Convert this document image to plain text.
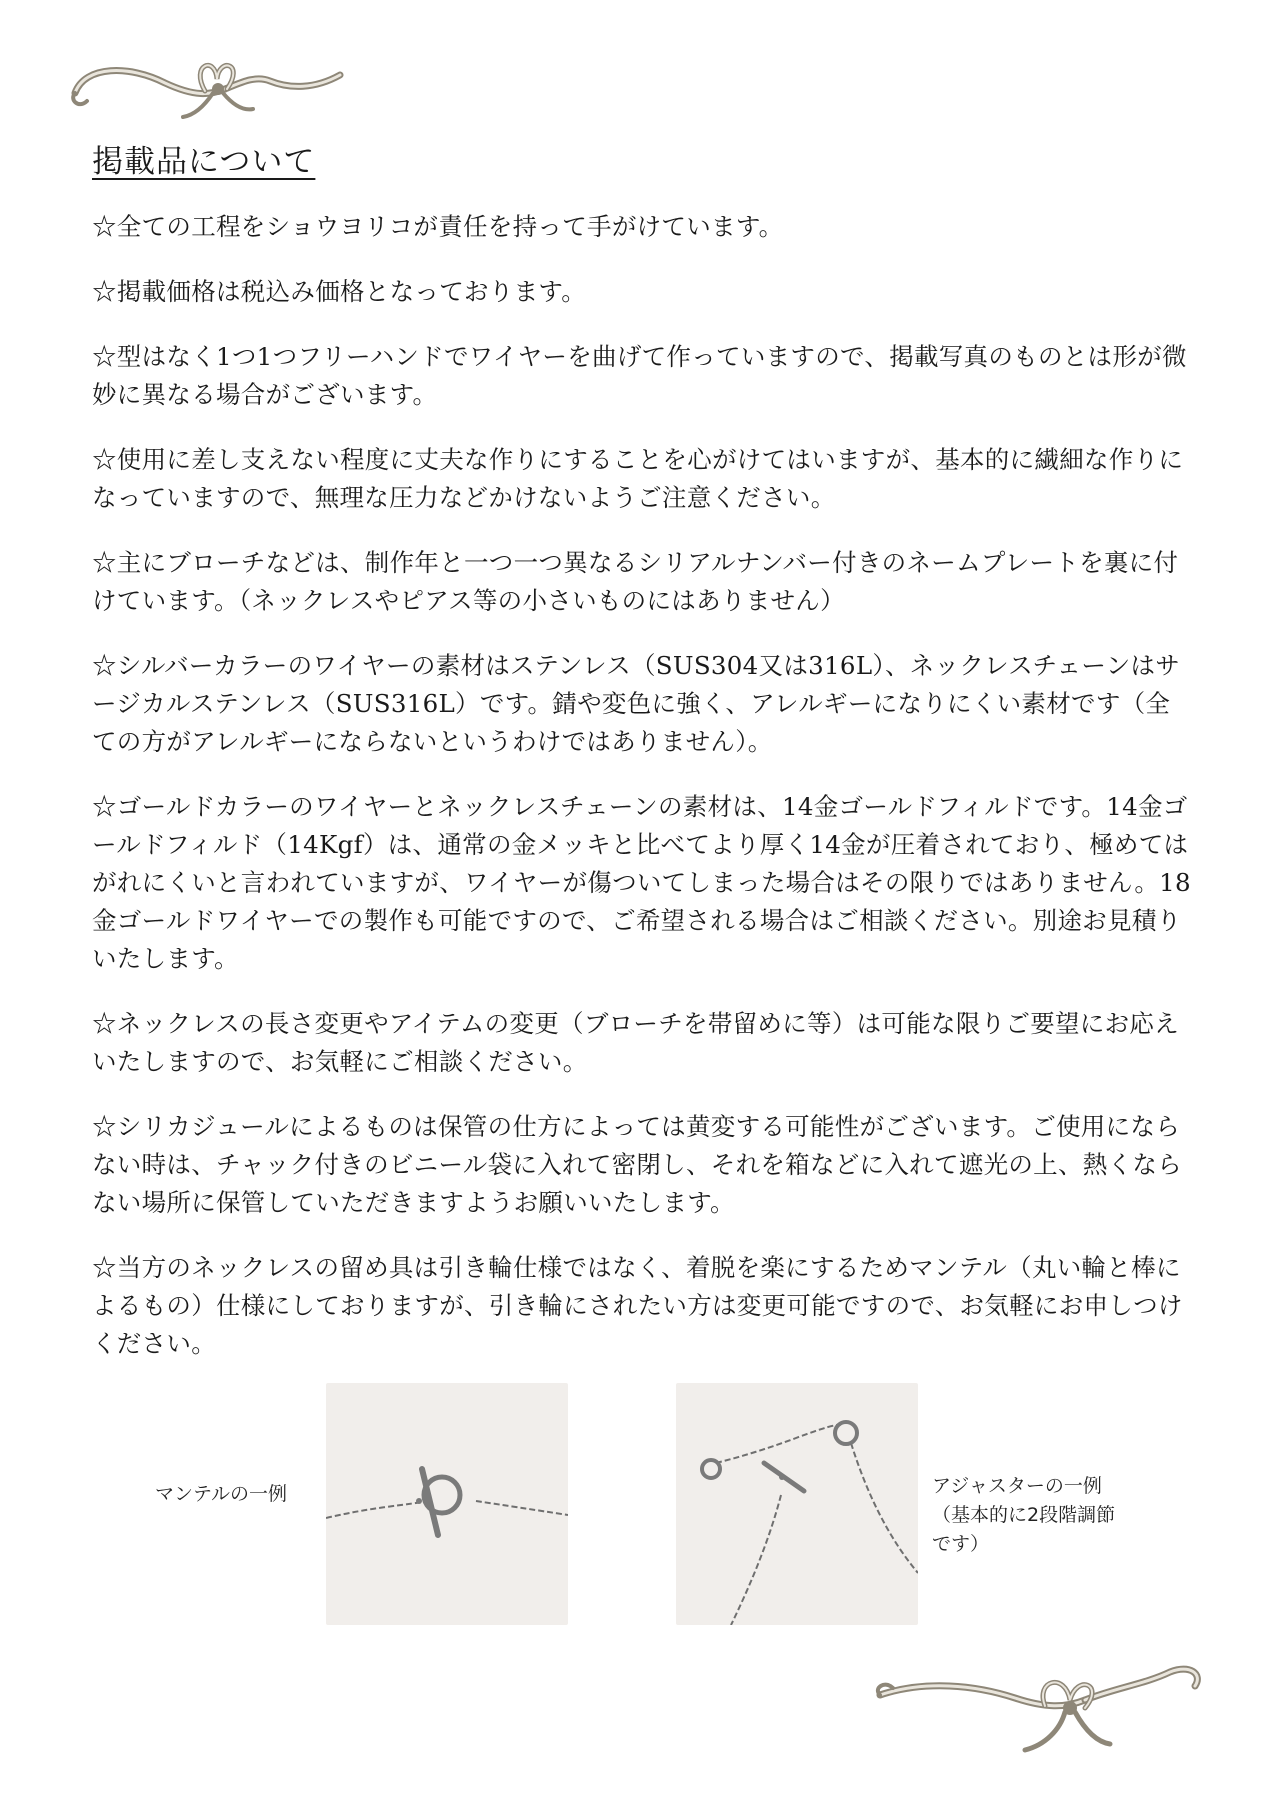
掲載品について

☆全ての工程をショウヨリコが責任を持って手がけています。

☆掲載価格は税込み価格となっております。

☆型はなく1つ1つフリーハンドでワイヤーを曲げて作っていますので、掲載写真のものとは形が微妙に異なる場合がございます。

☆使用に差し支えない程度に丈夫な作りにすることを心がけてはいますが、基本的に繊細な作りになっていますので、無理な圧力などかけないようご注意ください。

☆主にブローチなどは、制作年と一つ一つ異なるシリアルナンバー付きのネームプレートを裏に付けています。（ネックレスやピアス等の小さいものにはありません）

☆シルバーカラーのワイヤーの素材はステンレス（SUS304又は316L）、ネックレスチェーンはサージカルステンレス（SUS316L）です。錆や変色に強く、アレルギーになりにくい素材です（全ての方がアレルギーにならないというわけではありません）。

☆ゴールドカラーのワイヤーとネックレスチェーンの素材は、14金ゴールドフィルドです。14金ゴールドフィルド（14Kgf）は、通常の金メッキと比べてより厚く14金が圧着されており、極めてはがれにくいと言われていますが、ワイヤーが傷ついてしまった場合はその限りではありません。18金ゴールドワイヤーでの製作も可能ですので、ご希望される場合はご相談ください。別途お見積りいたします。

☆ネックレスの長さ変更やアイテムの変更（ブローチを帯留めに等）は可能な限りご要望にお応えいたしますので、お気軽にご相談ください。

☆シリカジュールによるものは保管の仕方によっては黄変する可能性がございます。ご使用にならない時は、チャック付きのビニール袋に入れて密閉し、それを箱などに入れて遮光の上、熱くならない場所に保管していただきますようお願いいたします。

☆当方のネックレスの留め具は引き輪仕様ではなく、着脱を楽にするためマンテル（丸い輪と棒によるもの）仕様にしておりますが、引き輪にされたい方は変更可能ですので、お気軽にお申しつけください。

マンテルの一例	アジャスターの一例
（基本的に2段階調節
です）
